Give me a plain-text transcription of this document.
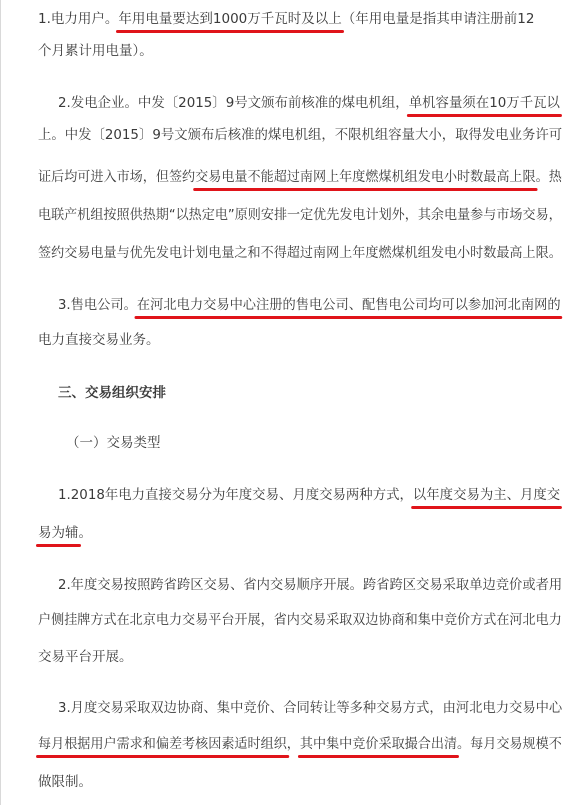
1.电力用户。年用电量要达到1000万千瓦时及以上（年用电量是指其申请注册前12
个月累计用电量）。
2.发电企业。中发〔2015〕9号文颁布前核准的煤电机组，单机容量须在10万千瓦以
上。中发〔2015〕9号文颁布后核准的煤电机组，不限机组容量大小，取得发电业务许可
证后均可进入市场，但签约交易电量不能超过南网上年度燃煤机组发电小时数最高上限。热
电联产机组按照供热期“以热定电”原则安排一定优先发电计划外，其余电量参与市场交易，
签约交易电量与优先发电计划电量之和不得超过南网上年度燃煤机组发电小时数最高上限。
3.售电公司。在河北电力交易中心注册的售电公司、配售电公司均可以参加河北南网的
电力直接交易业务。
三、交易组织安排
（一）交易类型
1.2018年电力直接交易分为年度交易、月度交易两种方式，以年度交易为主、月度交
易为辅。
2.年度交易按照跨省跨区交易、省内交易顺序开展。跨省跨区交易采取单边竞价或者用
户侧挂牌方式在北京电力交易平台开展，省内交易采取双边协商和集中竞价方式在河北电力
交易平台开展。
3.月度交易采取双边协商、集中竞价、合同转让等多种交易方式，由河北电力交易中心
每月根据用户需求和偏差考核因素适时组织，其中集中竞价采取撮合出清。每月交易规模不
做限制。
